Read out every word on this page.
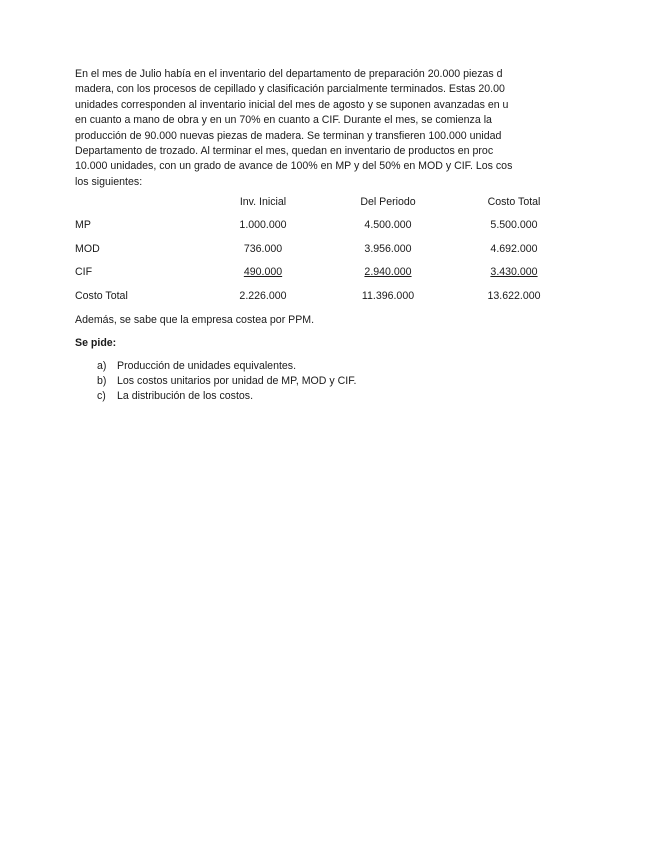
En el mes de Julio había en el inventario del departamento de preparación 20.000 piezas d
madera, con los procesos de cepillado y clasificación parcialmente terminados. Estas 20.00
unidades corresponden al inventario inicial del mes de agosto y se suponen avanzadas en u
en cuanto a mano de obra y en un 70% en cuanto a CIF. Durante el mes, se comienza la
producción de 90.000 nuevas piezas de madera. Se terminan y transfieren 100.000 unidad
Departamento de trozado. Al terminar el mes, quedan en inventario de productos en proc
10.000 unidades, con un grado de avance de 100% en MP y del 50% en MOD y CIF. Los cos
los siguientes:
Inv. Inicial	Del Periodo	Costo Total
MP	1.000.000	4.500.000	5.500.000
MOD	736.000	3.956.000	4.692.000
CIF	490.000	2.940.000	3.430.000
Costo Total	2.226.000	11.396.000	13.622.000
Además, se sabe que la empresa costea por PPM.
Se pide:
a) Producción de unidades equivalentes.
b) Los costos unitarios por unidad de MP, MOD y CIF.
c)	La distribución de los costos.
